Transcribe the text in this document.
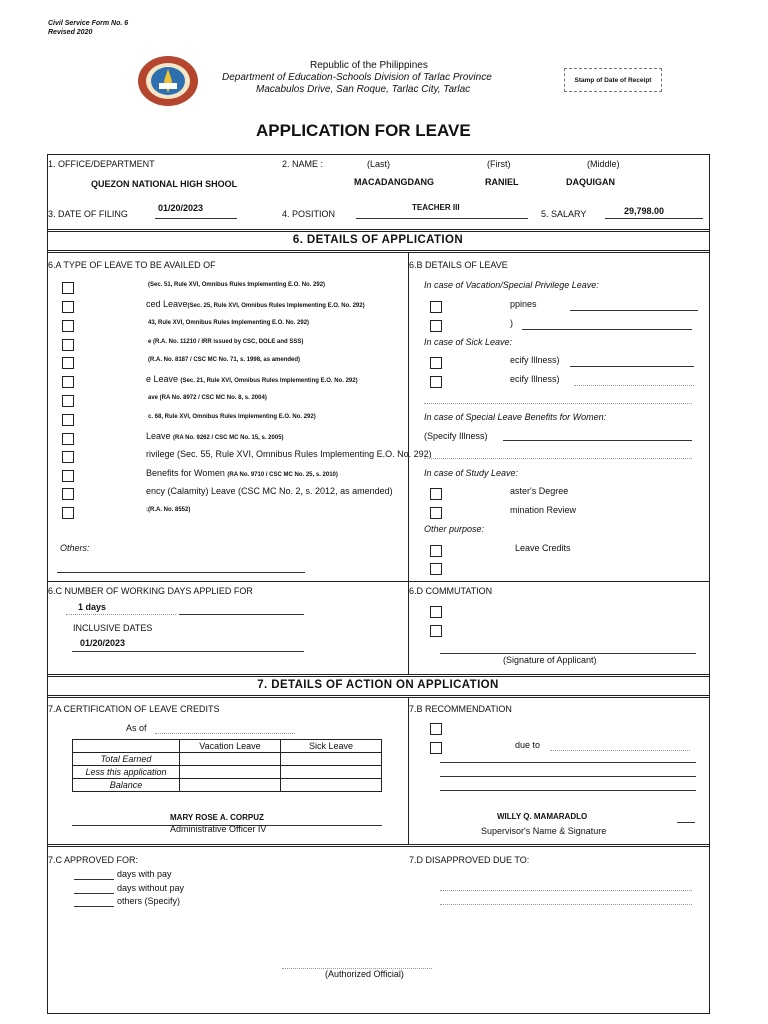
Civil Service Form No. 6
Revised 2020
Republic of the Philippines
Department of Education-Schools Division of Tarlac Province
Macabulos Drive, San Roque, Tarlac City, Tarlac
Stamp of Date of Receipt
APPLICATION FOR LEAVE
1. OFFICE/DEPARTMENT
QUEZON NATIONAL HIGH SHOOL
2. NAME :	(Last)	(First)	(Middle)
MACADANGDANG	RANIEL	DAQUIGAN
3. DATE OF FILING
01/20/2023
4. POSITION
TEACHER III
5. SALARY	29,798.00
6. DETAILS OF APPLICATION
6.A TYPE OF LEAVE TO BE AVAILED OF
(Sec. 51, Rule XVI, Omnibus Rules Implementing E.O. No. 292)
ced Leave(Sec. 25, Rule XVI, Omnibus Rules Implementing E.O. No. 292)
43, Rule XVI, Omnibus Rules Implementing E.O. No. 292)
e (R.A. No. 11210 / IRR issued by CSC, DOLE and SSS)
(R.A. No. 8187 / CSC MC No. 71, s. 1998, as amended)
e Leave (Sec. 21, Rule XVI, Omnibus Rules Implementing E.O. No. 292)
ave (RA No. 8972 / CSC MC No. 8, s. 2004)
c. 68, Rule XVI, Omnibus Rules Implementing E.O. No. 292)
Leave (RA No. 9262 / CSC MC No. 15, s. 2005)
rivilege (Sec. 55, Rule XVI, Omnibus Rules Implementing E.O. No. 292)
Benefits for Women (RA No. 9710 / CSC MC No. 25, s. 2010)
ency (Calamity) Leave (CSC MC No. 2, s. 2012, as amended)
:(R.A. No. 8552)
Others:
6.B DETAILS OF LEAVE
In case of Vacation/Special Privilege Leave:
ppines
)
In case of Sick Leave:
ecify Illness)
ecify Illness)
In case of Special Leave Benefits for Women:
(Specify Illness)
In case of Study Leave:
aster's Degree
mination Review
Other purpose:
Leave Credits
6.C NUMBER OF WORKING DAYS APPLIED FOR
1 days
INCLUSIVE DATES
01/20/2023
6.D COMMUTATION
(Signature of Applicant)
7. DETAILS OF ACTION ON APPLICATION
7.A CERTIFICATION OF LEAVE CREDITS
As of
	Vacation Leave	Sick Leave
Total Earned		
Less this application		
Balance		
MARY ROSE A. CORPUZ
Administrative Officer IV
7.B RECOMMENDATION
due to
WILLY Q. MAMARADLO
Supervisor's Name & Signature
7.C APPROVED FOR:
days with pay
days without pay
others (Specify)
7.D DISAPPROVED DUE TO:
(Authorized Official)
